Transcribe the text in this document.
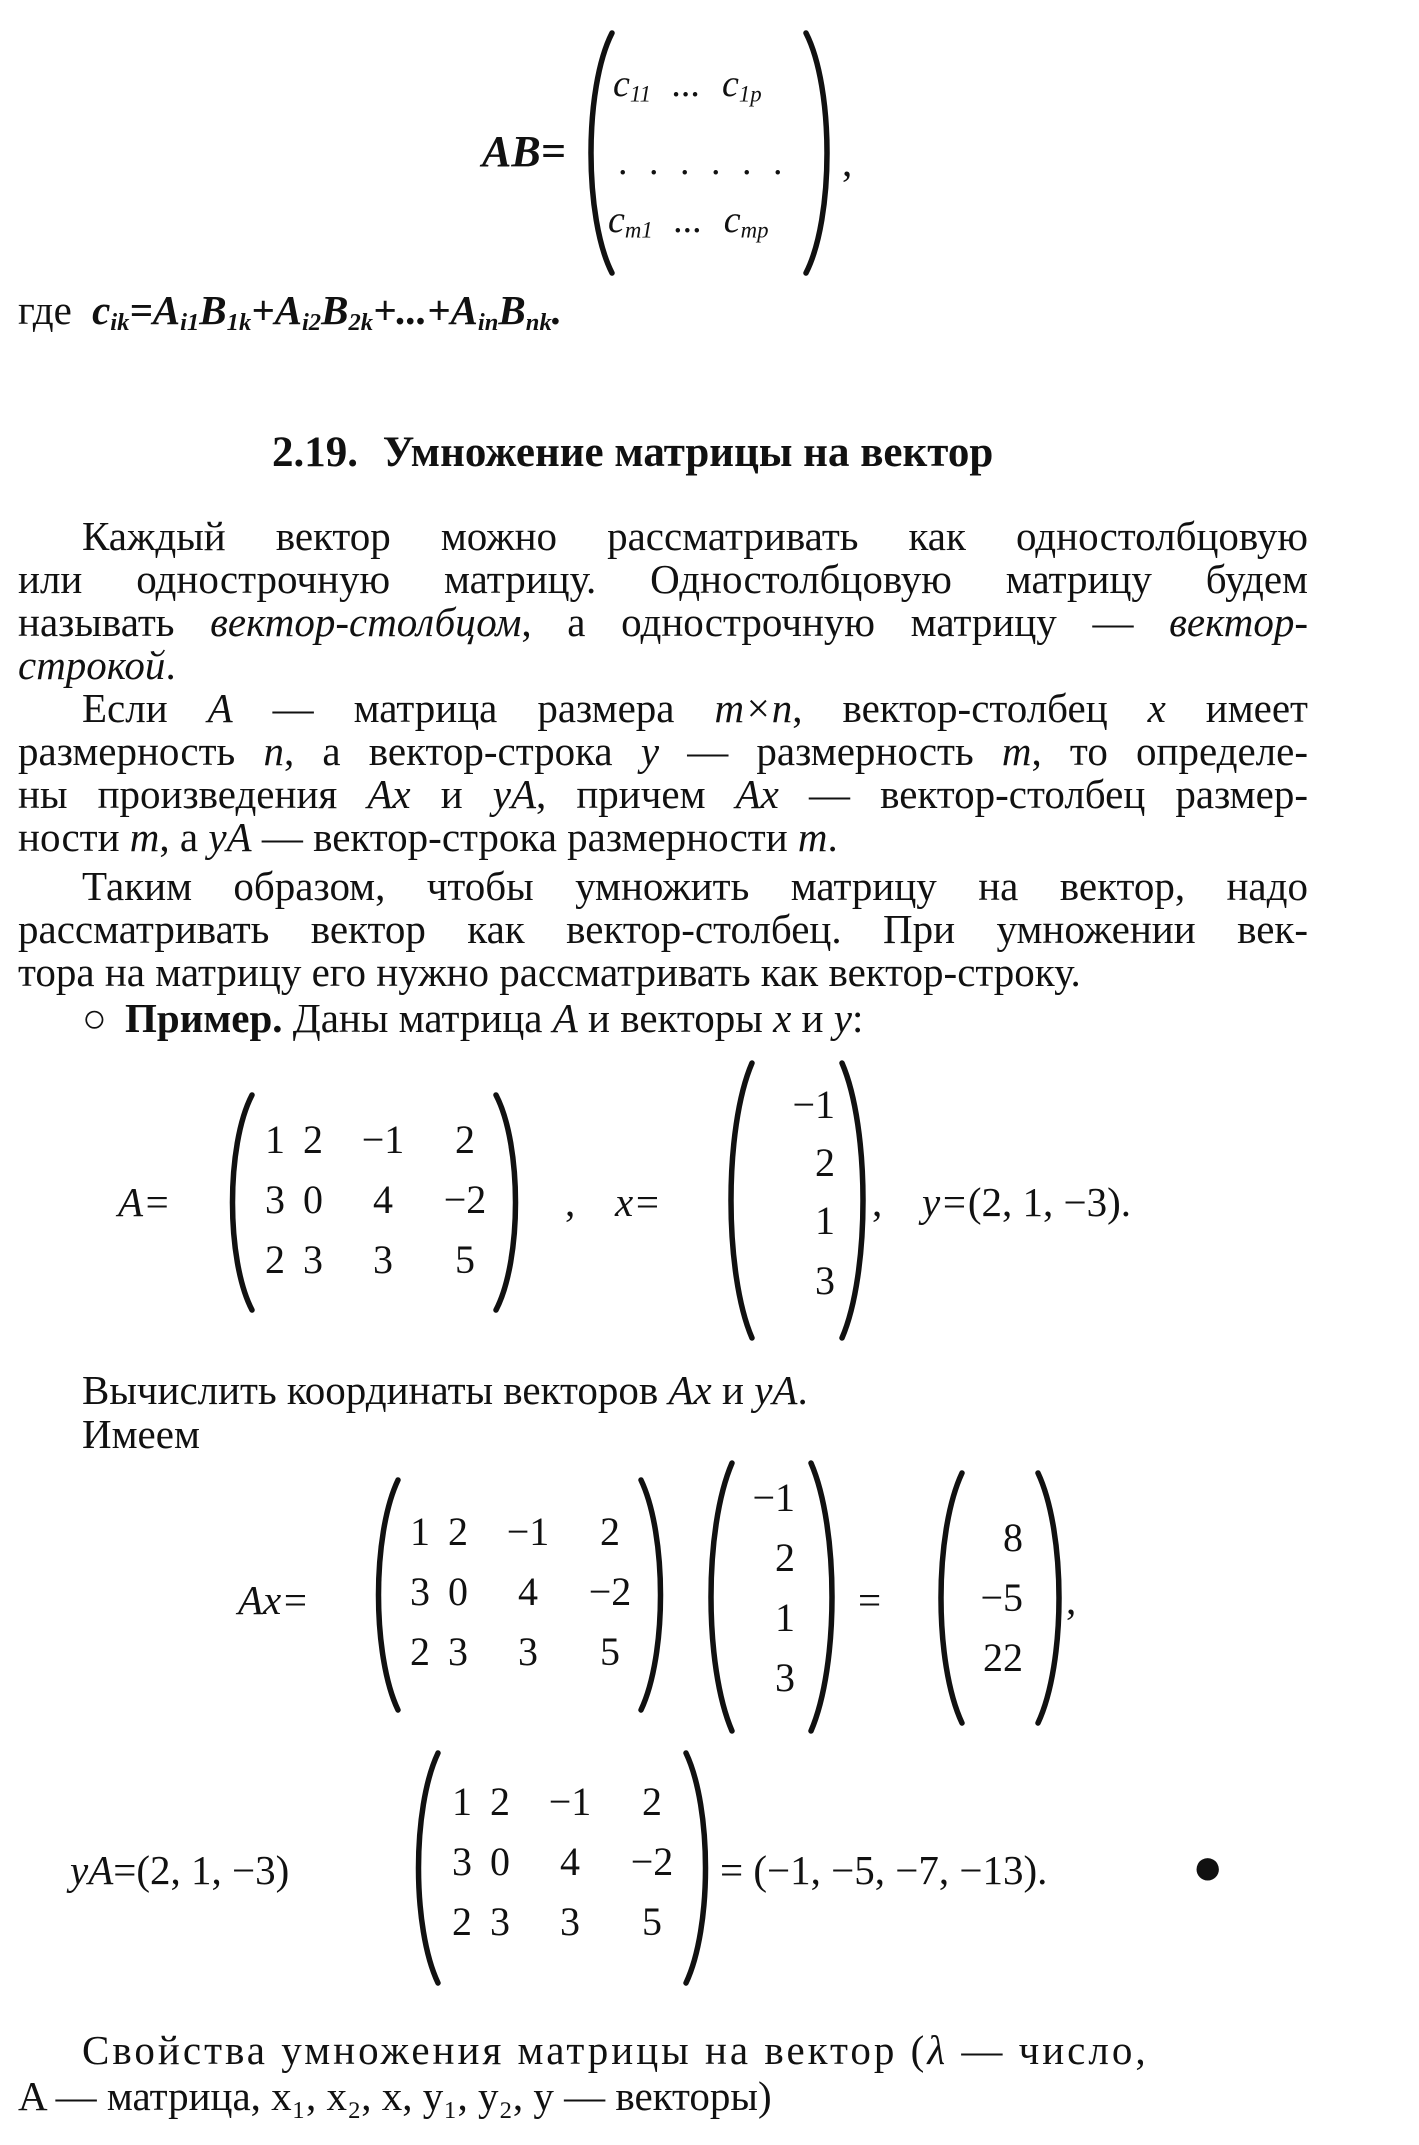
AB=
$c_{11}$ ... $c_{1p}$
. . . . . .
$c_{m1}$ ... $c_{mp}$
,
где $c_{ik}=A_{i1}B_{1k}+A_{i2}B_{2k}+...+A_{in}B_{nk}$.
2.19. Умножение матрицы на вектор
Каждый вектор можно рассматривать как одностолбцовую
или однострочную матрицу. Одностолбцовую матрицу будем
называть вектор-столбцом, а однострочную матрицу — вектор-
строкой.
Если A — матрица размера m×n, вектор-столбец x имеет
размерность n, а вектор-строка y — размерность m, то определе-
ны произведения Ax и yA, причем Ax — вектор-столбец размер-
ности m, а yA — вектор-строка размерности m.
Таким образом, чтобы умножить матрицу на вектор, надо
рассматривать вектор как вектор-столбец. При умножении век-
тора на матрицу его нужно рассматривать как вектор-строку.
○ Пример. Даны матрица A и векторы x и y:
A=
1 2 −1	2
3 0	4	−2
2 3	3	5
, x=
−1
2
1
3
, y=(2, 1, −3).
Вычислить координаты векторов Ax и yA.
Имеем
Ax=
1 2 −1	2
3 0	4	−2
2 3	3	5
−1
2
1
3
=
8
−5
22
,
yA=(2, 1, −3)
1 2 −1	2
3 0	4	−2
2 3	3	5
= (−1, −5, −7, −13).	●
Свойства умножения матрицы на вектор (λ — число,
A — матрица, x₁, x₂, x, y₁, y₂, y — векторы)
